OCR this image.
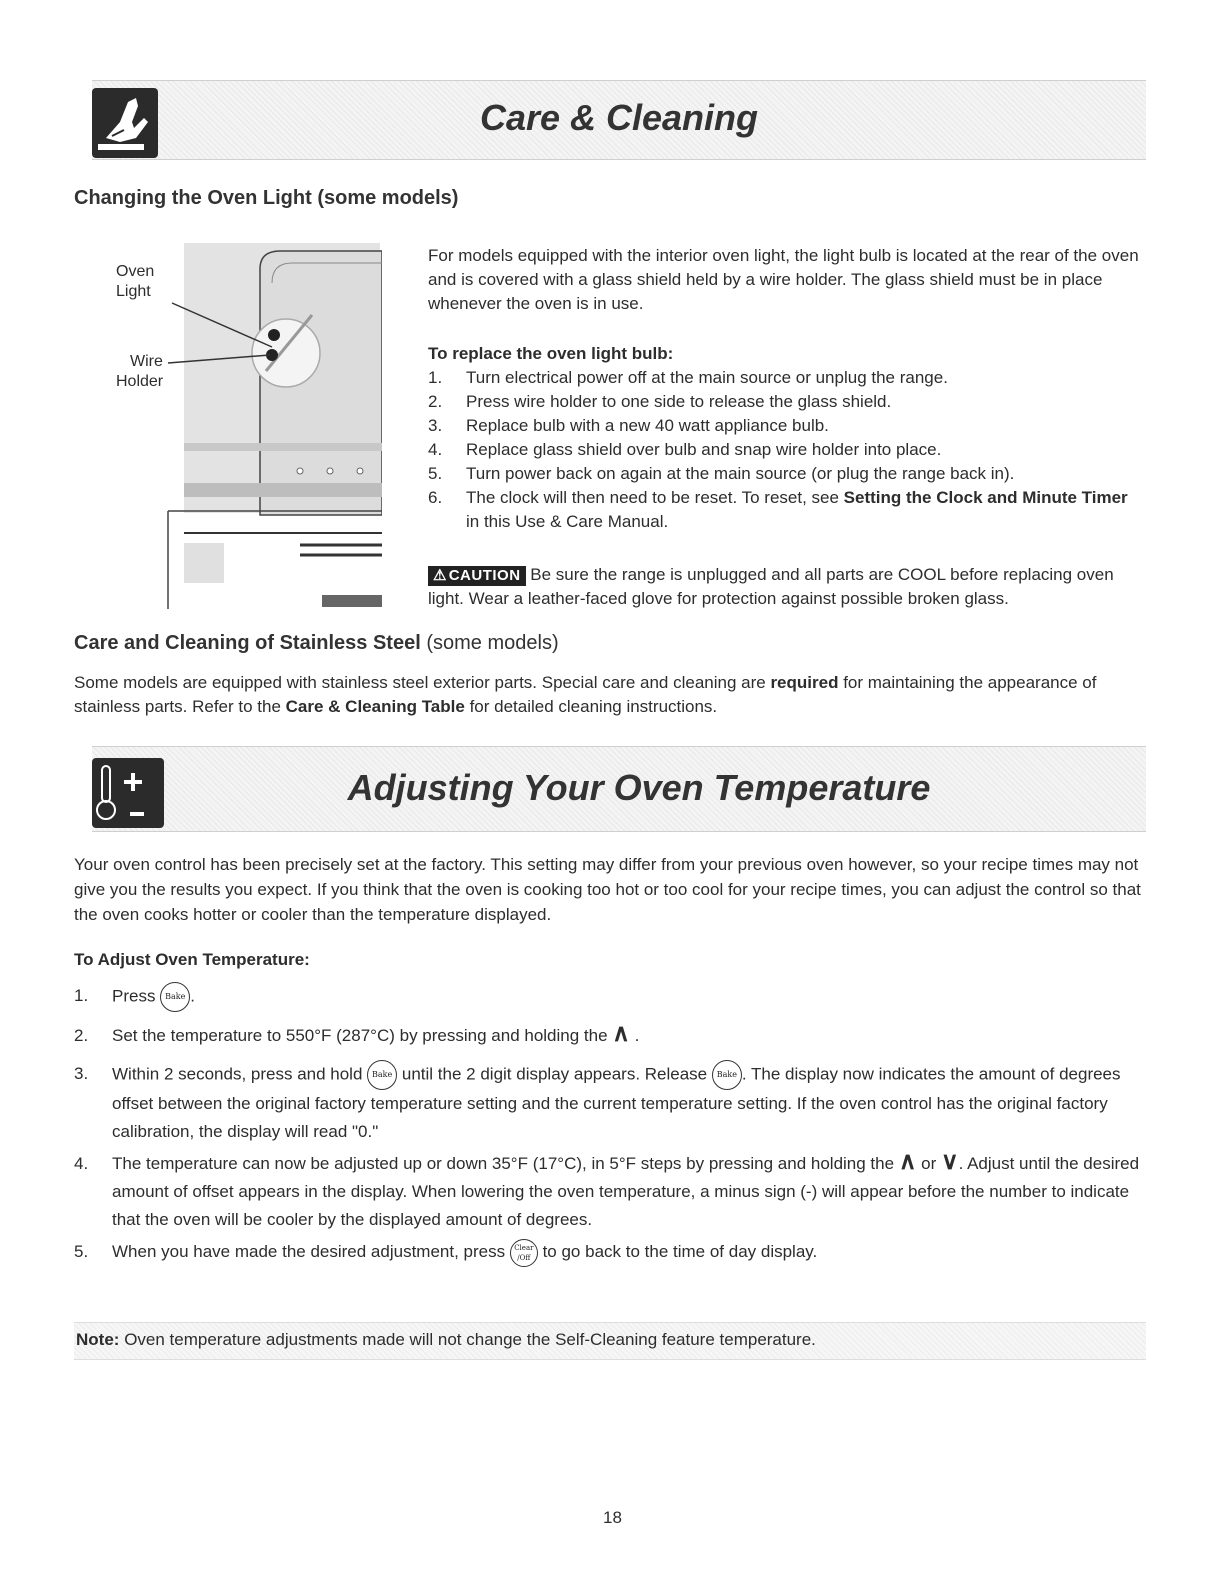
Care & Cleaning
Changing the Oven Light (some models)
Oven Light
Wire
Holder
For models equipped with the interior oven light, the light bulb is located at the rear of the oven and is covered with a glass shield held by a wire holder. The glass shield must be in place whenever the oven is in use.
To replace the oven light bulb:
1. Turn electrical power off at the main source or unplug the range.
2. Press wire holder to one side to release the glass shield.
3. Replace bulb with a new 40 watt appliance bulb.
4. Replace glass shield over bulb and snap wire holder into place.
5. Turn power back on again at the main source (or plug the range back in).
6. The clock will then need to be reset. To reset, see Setting the Clock and Minute Timer in this Use & Care Manual.
⚠ CAUTION Be sure the range is unplugged and all parts are COOL before replacing oven light. Wear a leather-faced glove for protection against possible broken glass.
Care and Cleaning of Stainless Steel (some models)
Some models are equipped with stainless steel exterior parts. Special care and cleaning are required for maintaining the appearance of stainless parts. Refer to the Care & Cleaning Table for detailed cleaning instructions.
Adjusting Your Oven Temperature
Your oven control has been precisely set at the factory. This setting may differ from your previous oven however, so your recipe times may not give you the results you expect. If you think that the oven is cooking too hot or too cool for your recipe times, you can adjust the control so that the oven cooks hotter or cooler than the temperature displayed.
To Adjust Oven Temperature:
1. Press Bake .
2. Set the temperature to 550°F (287°C) by pressing and holding the ∧ .
3. Within 2 seconds, press and hold Bake until the 2 digit display appears. Release Bake . The display now indicates the amount of degrees offset between the original factory temperature setting and the current temperature setting. If the oven control has the original factory calibration, the display will read "0."
4. The temperature can now be adjusted up or down 35°F (17°C), in 5°F steps by pressing and holding the ∧ or ∨. Adjust until the desired amount of offset appears in the display. When lowering the oven temperature, a minus sign (-) will appear before the number to indicate that the oven will be cooler by the displayed amount of degrees.
5. When you have made the desired adjustment, press Clear
/Off to go back to the time of day display.
Note: Oven temperature adjustments made will not change the Self-Cleaning feature temperature.
18
